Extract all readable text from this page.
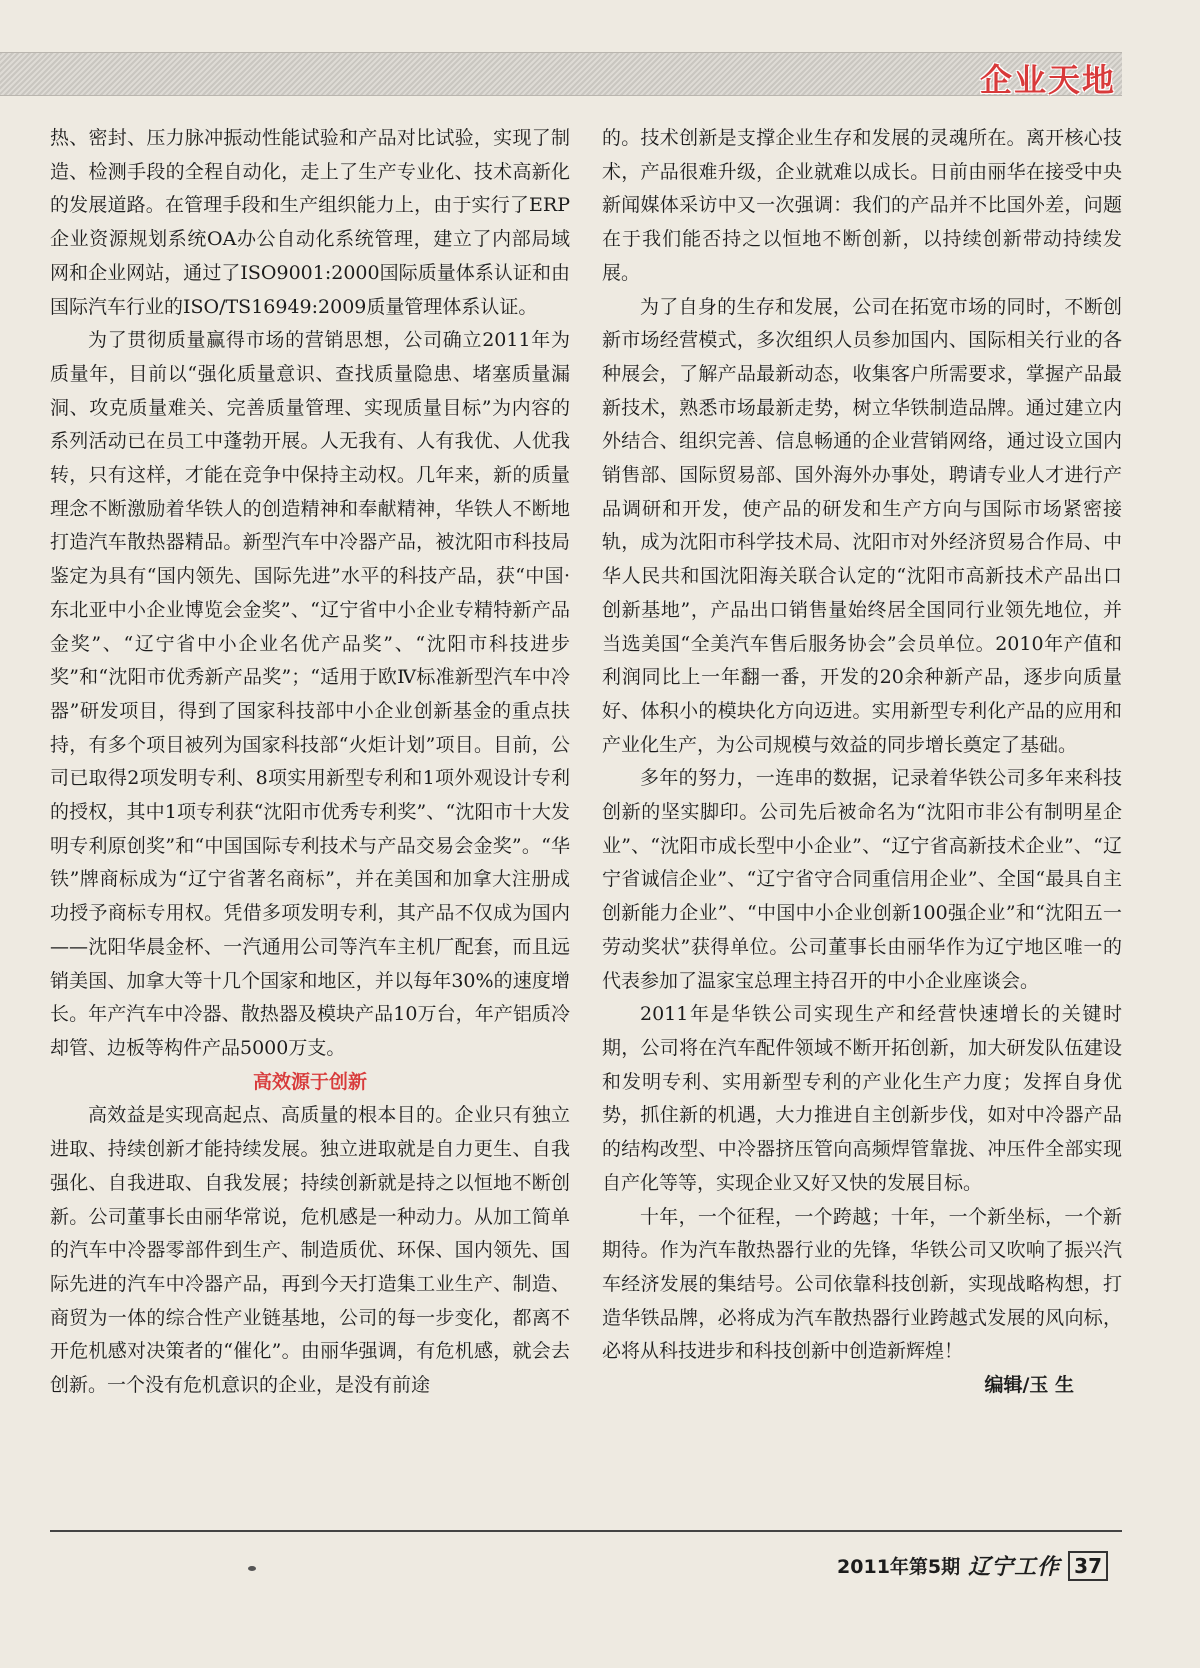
企业天地

热、密封、压力脉冲振动性能试验和产品对比试验，实现了制造、检测手段的全程自动化，走上了生产专业化、技术高新化的发展道路。在管理手段和生产组织能力上，由于实行了ERP企业资源规划系统OA办公自动化系统管理，建立了内部局域网和企业网站，通过了ISO9001:2000国际质量体系认证和由国际汽车行业的ISO/TS16949:2009质量管理体系认证。

为了贯彻质量赢得市场的营销思想，公司确立2011年为质量年，目前以“强化质量意识、查找质量隐患、堵塞质量漏洞、攻克质量难关、完善质量管理、实现质量目标”为内容的系列活动已在员工中蓬勃开展。人无我有、人有我优、人优我转，只有这样，才能在竞争中保持主动权。几年来，新的质量理念不断激励着华铁人的创造精神和奉献精神，华铁人不断地打造汽车散热器精品。新型汽车中冷器产品，被沈阳市科技局鉴定为具有“国内领先、国际先进”水平的科技产品，获“中国·东北亚中小企业博览会金奖”、“辽宁省中小企业专精特新产品金奖”、“辽宁省中小企业名优产品奖”、“沈阳市科技进步奖”和“沈阳市优秀新产品奖”；“适用于欧Ⅳ标准新型汽车中冷器”研发项目，得到了国家科技部中小企业创新基金的重点扶持，有多个项目被列为国家科技部“火炬计划”项目。目前，公司已取得2项发明专利、8项实用新型专利和1项外观设计专利的授权，其中1项专利获“沈阳市优秀专利奖”、“沈阳市十大发明专利原创奖”和“中国国际专利技术与产品交易会金奖”。“华铁”牌商标成为“辽宁省著名商标”，并在美国和加拿大注册成功授予商标专用权。凭借多项发明专利，其产品不仅成为国内——沈阳华晨金杯、一汽通用公司等汽车主机厂配套，而且远销美国、加拿大等十几个国家和地区，并以每年30%的速度增长。年产汽车中冷器、散热器及模块产品10万台，年产铝质冷却管、边板等构件产品5000万支。

高效源于创新

高效益是实现高起点、高质量的根本目的。企业只有独立进取、持续创新才能持续发展。独立进取就是自力更生、自我强化、自我进取、自我发展；持续创新就是持之以恒地不断创新。公司董事长由丽华常说，危机感是一种动力。从加工简单的汽车中冷器零部件到生产、制造质优、环保、国内领先、国际先进的汽车中冷器产品，再到今天打造集工业生产、制造、商贸为一体的综合性产业链基地，公司的每一步变化，都离不开危机感对决策者的“催化”。由丽华强调，有危机感，就会去创新。一个没有危机意识的企业，是没有前途

的。技术创新是支撑企业生存和发展的灵魂所在。离开核心技术，产品很难升级，企业就难以成长。日前由丽华在接受中央新闻媒体采访中又一次强调：我们的产品并不比国外差，问题在于我们能否持之以恒地不断创新，以持续创新带动持续发展。

为了自身的生存和发展，公司在拓宽市场的同时，不断创新市场经营模式，多次组织人员参加国内、国际相关行业的各种展会，了解产品最新动态，收集客户所需要求，掌握产品最新技术，熟悉市场最新走势，树立华铁制造品牌。通过建立内外结合、组织完善、信息畅通的企业营销网络，通过设立国内销售部、国际贸易部、国外海外办事处，聘请专业人才进行产品调研和开发，使产品的研发和生产方向与国际市场紧密接轨，成为沈阳市科学技术局、沈阳市对外经济贸易合作局、中华人民共和国沈阳海关联合认定的“沈阳市高新技术产品出口创新基地”，产品出口销售量始终居全国同行业领先地位，并当选美国“全美汽车售后服务协会”会员单位。2010年产值和利润同比上一年翻一番，开发的20余种新产品，逐步向质量好、体积小的模块化方向迈进。实用新型专利化产品的应用和产业化生产，为公司规模与效益的同步增长奠定了基础。

多年的努力，一连串的数据，记录着华铁公司多年来科技创新的坚实脚印。公司先后被命名为“沈阳市非公有制明星企业”、“沈阳市成长型中小企业”、“辽宁省高新技术企业”、“辽宁省诚信企业”、“辽宁省守合同重信用企业”、全国“最具自主创新能力企业”、“中国中小企业创新100强企业”和“沈阳五一劳动奖状”获得单位。公司董事长由丽华作为辽宁地区唯一的代表参加了温家宝总理主持召开的中小企业座谈会。

2011年是华铁公司实现生产和经营快速增长的关键时期，公司将在汽车配件领域不断开拓创新，加大研发队伍建设和发明专利、实用新型专利的产业化生产力度；发挥自身优势，抓住新的机遇，大力推进自主创新步伐，如对中冷器产品的结构改型、中冷器挤压管向高频焊管靠拢、冲压件全部实现自产化等等，实现企业又好又快的发展目标。

十年，一个征程，一个跨越；十年，一个新坐标，一个新期待。作为汽车散热器行业的先锋，华铁公司又吹响了振兴汽车经济发展的集结号。公司依靠科技创新，实现战略构想，打造华铁品牌，必将成为汽车散热器行业跨越式发展的风向标，必将从科技进步和科技创新中创造新辉煌！

编辑/玉 生
2011年第5期 辽宁工作 37
